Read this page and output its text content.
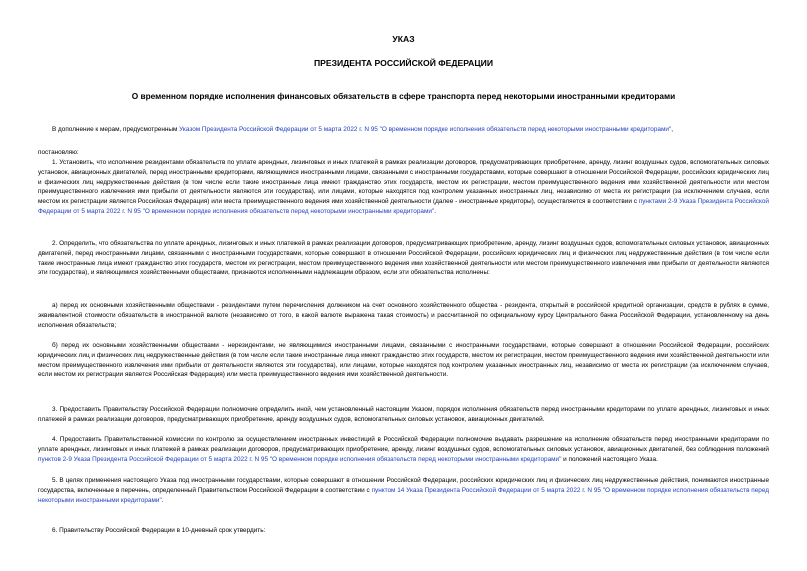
УКАЗ
ПРЕЗИДЕНТА РОССИЙСКОЙ ФЕДЕРАЦИИ
О временном порядке исполнения финансовых обязательств в сфере транспорта перед некоторыми иностранными кредиторами

В дополнение к мерам, предусмотренным Указом Президента Российской Федерации от 5 марта 2022 г. N 95 "О временном порядке исполнения обязательств перед некоторыми иностранными кредиторами",

постановляю:

1. Установить, что исполнение резидентами обязательств по уплате арендных, лизинговых и иных платежей в рамках реализации договоров, предусматривающих приобретение, аренду, лизинг воздушных судов, вспомогательных силовых установок, авиационных двигателей, перед иностранными кредиторами, являющимися иностранными лицами, связанными с иностранными государствами, которые совершают в отношении Российской Федерации, российских юридических лиц и физических лиц недружественные действия (в том числе если такие иностранные лица имеют гражданство этих государств, местом их регистрации, местом преимущественного ведения ими хозяйственной деятельности или местом преимущественного извлечения ими прибыли от деятельности являются эти государства), или лицами, которые находятся под контролем указанных иностранных лиц, независимо от места их регистрации (за исключением случаев, если местом их регистрации является Российская Федерация) или места преимущественного ведения ими хозяйственной деятельности (далее - иностранные кредиторы), осуществляется в соответствии с пунктами 2-9 Указа Президента Российской Федерации от 5 марта 2022 г. N 95 "О временном порядке исполнения обязательств перед некоторыми иностранными кредиторами".

2. Определить, что обязательства по уплате арендных, лизинговых и иных платежей в рамках реализации договоров, предусматривающих приобретение, аренду, лизинг воздушных судов, вспомогательных силовых установок, авиационных двигателей, перед иностранными лицами, связанными с иностранными государствами, которые совершают в отношении Российской Федерации, российских юридических лиц и физических лиц недружественные действия (в том числе если такие иностранные лица имеют гражданство этих государств, местом их регистрации, местом преимущественного ведения ими хозяйственной деятельности или местом преимущественного извлечения ими прибыли от деятельности являются эти государства), и являющимися хозяйственными обществами, признаются исполненными надлежащим образом, если эти обязательства исполнены:

а) перед их основными хозяйственными обществами - резидентами путем перечисления должником на счет основного хозяйственного общества - резидента, открытый в российской кредитной организации, средств в рублях в сумме, эквивалентной стоимости обязательств в иностранной валюте (независимо от того, в какой валюте выражена такая стоимость) и рассчитанной по официальному курсу Центрального банка Российской Федерации, установленному на день исполнения обязательств;

б) перед их основными хозяйственными обществами - нерезидентами, не являющимися иностранными лицами, связанными с иностранными государствами, которые совершают в отношении Российской Федерации, российских юридических лиц и физических лиц недружественные действия (в том числе если такие иностранные лица имеют гражданство этих государств, местом их регистрации, местом преимущественного ведения ими хозяйственной деятельности или местом преимущественного извлечения ими прибыли от деятельности являются эти государства), или лицами, которые находятся под контролем указанных иностранных лиц, независимо от места их регистрации (за исключением случаев, если местом их регистрации является Российская Федерация) или места преимущественного ведения ими хозяйственной деятельности.

3. Предоставить Правительству Российской Федерации полномочие определить иной, чем установленный настоящим Указом, порядок исполнения обязательств перед иностранными кредиторами по уплате арендных, лизинговых и иных платежей в рамках реализации договоров, предусматривающих приобретение, аренду воздушных судов, вспомогательных силовых установок, авиационных двигателей.

4. Предоставить Правительственной комиссии по контролю за осуществлением иностранных инвестиций в Российской Федерации полномочие выдавать разрешение на исполнение обязательств перед иностранными кредиторами по уплате арендных, лизинговых и иных платежей в рамках реализации договоров, предусматривающих приобретение, аренду, лизинг воздушных судов, вспомогательных силовых установок, авиационных двигателей, без соблюдения положений пунктов 2-9 Указа Президента Российской Федерации от 5 марта 2022 г. N 95 "О временном порядке исполнения обязательств перед некоторыми иностранными кредиторами" и положений настоящего Указа.

5. В целях применения настоящего Указа под иностранными государствами, которые совершают в отношении Российской Федерации, российских юридических лиц и физических лиц недружественные действия, понимаются иностранные государства, включенные в перечень, определенный Правительством Российской Федерации в соответствии с пунктом 14 Указа Президента Российской Федерации от 5 марта 2022 г. N 95 "О временном порядке исполнения обязательств перед некоторыми иностранными кредиторами".

6. Правительству Российской Федерации в 10-дневный срок утвердить:
